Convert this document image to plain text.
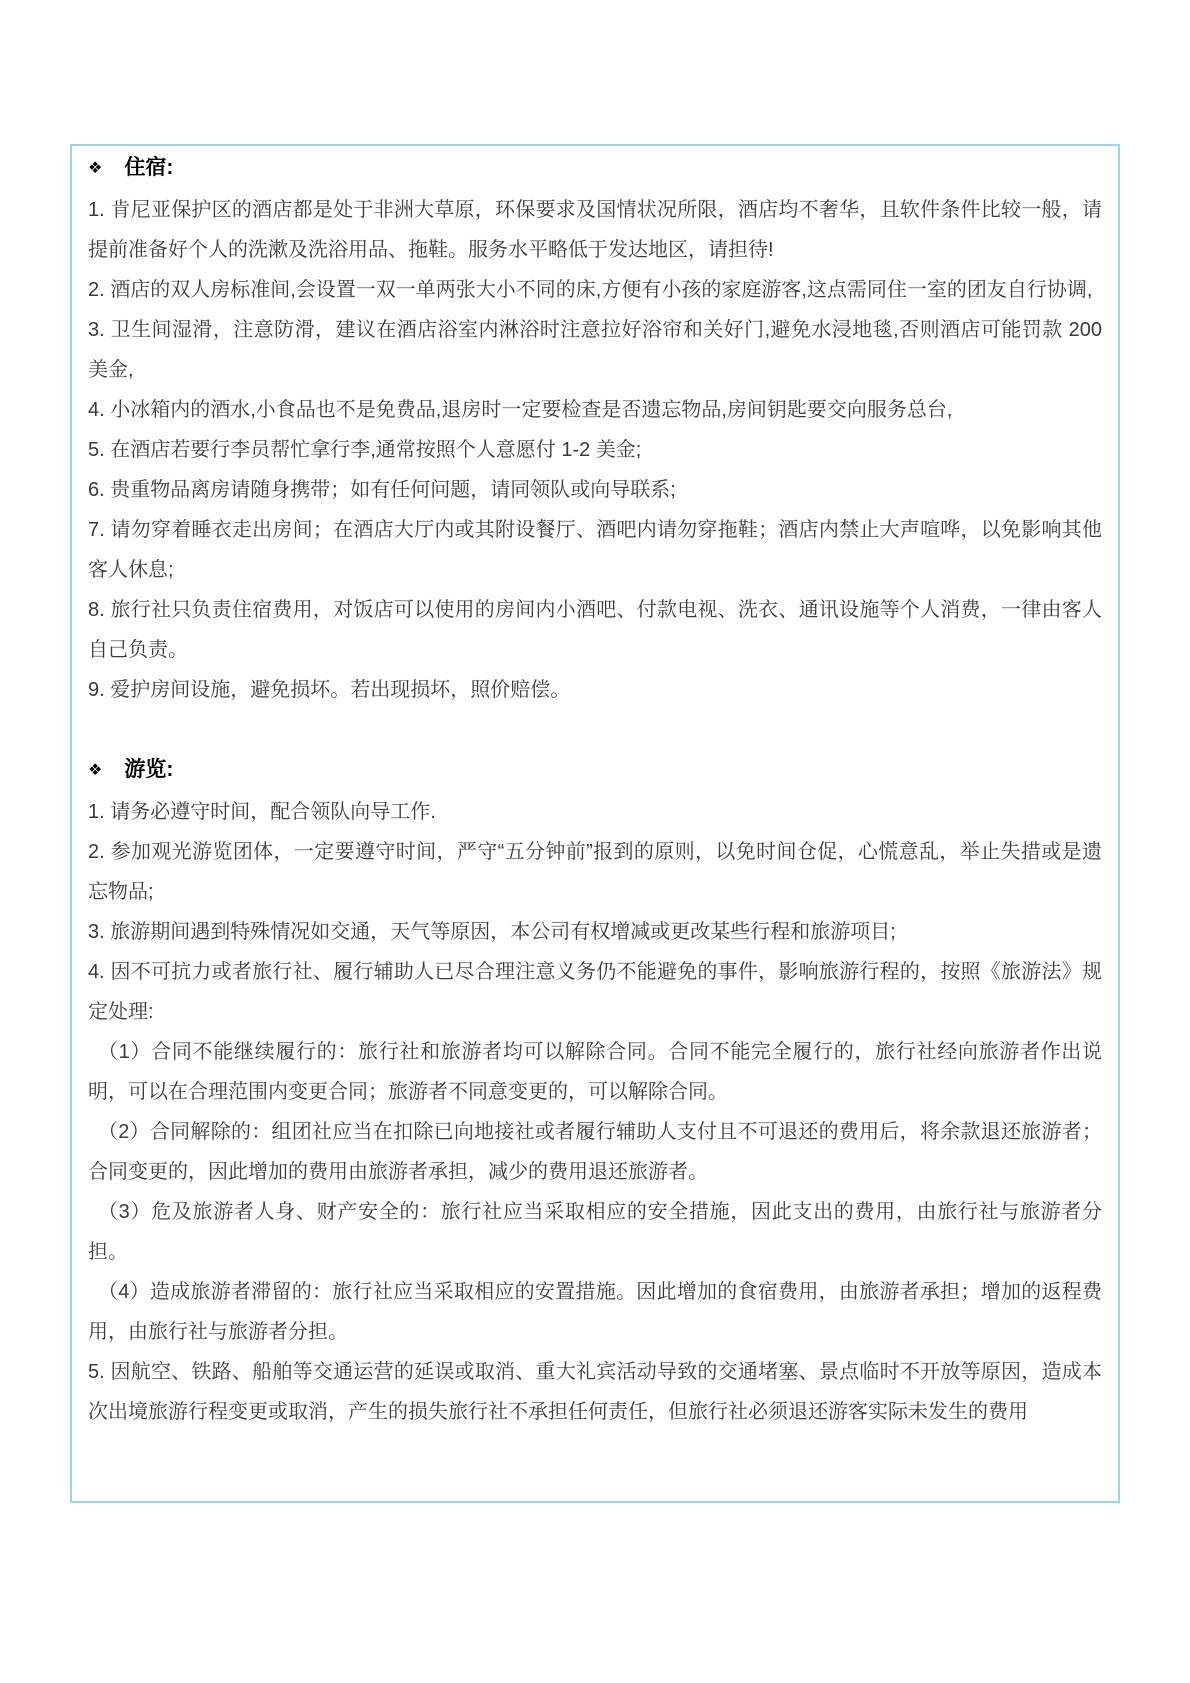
❖ 住宿:

1. 肯尼亚保护区的酒店都是处于非洲大草原，环保要求及国情状况所限，酒店均不奢华，且软件条件比较一般，请提前准备好个人的洗漱及洗浴用品、拖鞋。服务水平略低于发达地区，请担待!

2. 酒店的双人房标准间,会设置一双一单两张大小不同的床,方便有小孩的家庭游客,这点需同住一室的团友自行协调,

3. 卫生间湿滑，注意防滑，建议在酒店浴室内淋浴时注意拉好浴帘和关好门,避免水浸地毯,否则酒店可能罚款 200 美金,

4. 小冰箱内的酒水,小食品也不是免费品,退房时一定要检查是否遗忘物品,房间钥匙要交向服务总台,

5. 在酒店若要行李员帮忙拿行李,通常按照个人意愿付 1-2 美金;

6. 贵重物品离房请随身携带；如有任何问题，请同领队或向导联系;

7. 请勿穿着睡衣走出房间；在酒店大厅内或其附设餐厅、酒吧内请勿穿拖鞋；酒店内禁止大声喧哗，以免影响其他客人休息;

8. 旅行社只负责住宿费用，对饭店可以使用的房间内小酒吧、付款电视、洗衣、通讯设施等个人消费，一律由客人自己负责。

9. 爱护房间设施，避免损坏。若出现损坏，照价赔偿。

❖ 游览:

1. 请务必遵守时间，配合领队向导工作.

2. 参加观光游览团体，一定要遵守时间，严守“五分钟前”报到的原则，以免时间仓促，心慌意乱，举止失措或是遗忘物品;

3. 旅游期间遇到特殊情况如交通，天气等原因，本公司有权增减或更改某些行程和旅游项目;

4. 因不可抗力或者旅行社、履行辅助人已尽合理注意义务仍不能避免的事件，影响旅游行程的，按照《旅游法》规定处理:

（1）合同不能继续履行的：旅行社和旅游者均可以解除合同。合同不能完全履行的，旅行社经向旅游者作出说明，可以在合理范围内变更合同；旅游者不同意变更的，可以解除合同。

（2）合同解除的：组团社应当在扣除已向地接社或者履行辅助人支付且不可退还的费用后，将余款退还旅游者；合同变更的，因此增加的费用由旅游者承担，减少的费用退还旅游者。

（3）危及旅游者人身、财产安全的：旅行社应当采取相应的安全措施，因此支出的费用，由旅行社与旅游者分担。

（4）造成旅游者滞留的：旅行社应当采取相应的安置措施。因此增加的食宿费用，由旅游者承担；增加的返程费用，由旅行社与旅游者分担。

5. 因航空、铁路、船舶等交通运营的延误或取消、重大礼宾活动导致的交通堵塞、景点临时不开放等原因，造成本次出境旅游行程变更或取消，产生的损失旅行社不承担任何责任，但旅行社必须退还游客实际未发生的费用
